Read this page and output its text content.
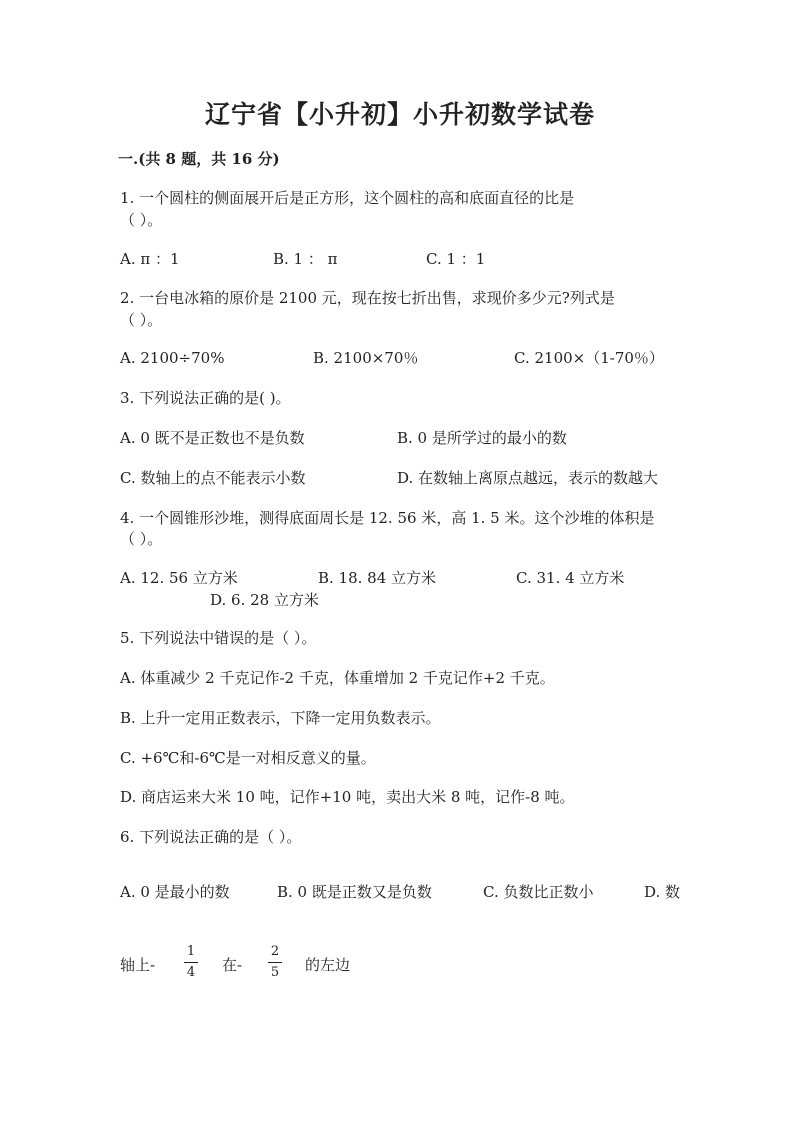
辽宁省【小升初】小升初数学试卷
一.(共 8 题，共 16 分)
1. 一个圆柱的侧面展开后是正方形，这个圆柱的高和底面直径的比是
（ ）。
A. π ：1	B. 1 ： π	C. 1 ：1
2. 一台电冰箱的原价是 2100 元，现在按七折出售，求现价多少元?列式是
（ ）。
A. 2100÷70%	B. 2100×70％	C. 2100×（1-70％）
3. 下列说法正确的是( )。
A. 0 既不是正数也不是负数	B. 0 是所学过的最小的数
C. 数轴上的点不能表示小数	D. 在数轴上离原点越远，表示的数越大
4. 一个圆锥形沙堆，测得底面周长是 12. 56 米，高 1. 5 米。这个沙堆的体积是
（ ）。
A. 12. 56 立方米	B. 18. 84 立方米	C. 31. 4 立方米
D. 6. 28 立方米
5. 下列说法中错误的是（ ）。
A. 体重减少 2 千克记作-2 千克，体重增加 2 千克记作+2 千克。
B. 上升一定用正数表示，下降一定用负数表示。
C. +6℃和-6℃是一对相反意义的量。
D. 商店运来大米 10 吨，记作+10 吨，卖出大米 8 吨，记作-8 吨。
6. 下列说法正确的是（ ）。
A. 0 是最小的数	B. 0 既是正数又是负数	C. 负数比正数小	D. 数
轴上-
1
4 在-
2
5 的左边
